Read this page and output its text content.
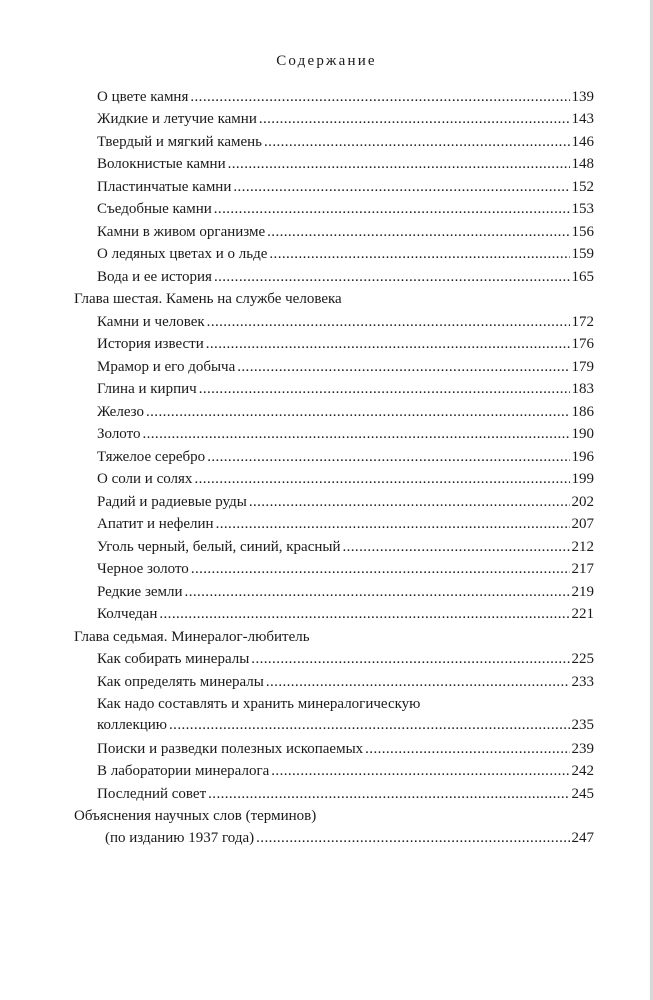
Содержание
О цвете камня .....	139
Жидкие и летучие камни .....	143
Твердый и мягкий камень .....	146
Волокнистые камни .....	148
Пластинчатые камни .....	152
Съедобные камни .....	153
Камни в живом организме .....	156
О ледяных цветах и о льде .....	159
Вода и ее история .....	165
Глава шестая. Камень на службе человека
Камни и человек .....	172
История извести .....	176
Мрамор и его добыча .....	179
Глина и кирпич .....	183
Железо .....	186
Золото .....	190
Тяжелое серебро .....	196
О соли и солях .....	199
Радий и радиевые руды .....	202
Апатит и нефелин .....	207
Уголь черный, белый, синий, красный .....	212
Черное золото .....	217
Редкие земли .....	219
Колчедан .....	221
Глава седьмая. Минералог-любитель
Как собирать минералы .....	225
Как определять минералы .....	233
Как надо составлять и хранить минералогическую
коллекцию .....	235
Поиски и разведки полезных ископаемых .....	239
В лаборатории минералога .....	242
Последний совет .....	245
Объяснения научных слов (терминов)
(по изданию 1937 года) .....	247
